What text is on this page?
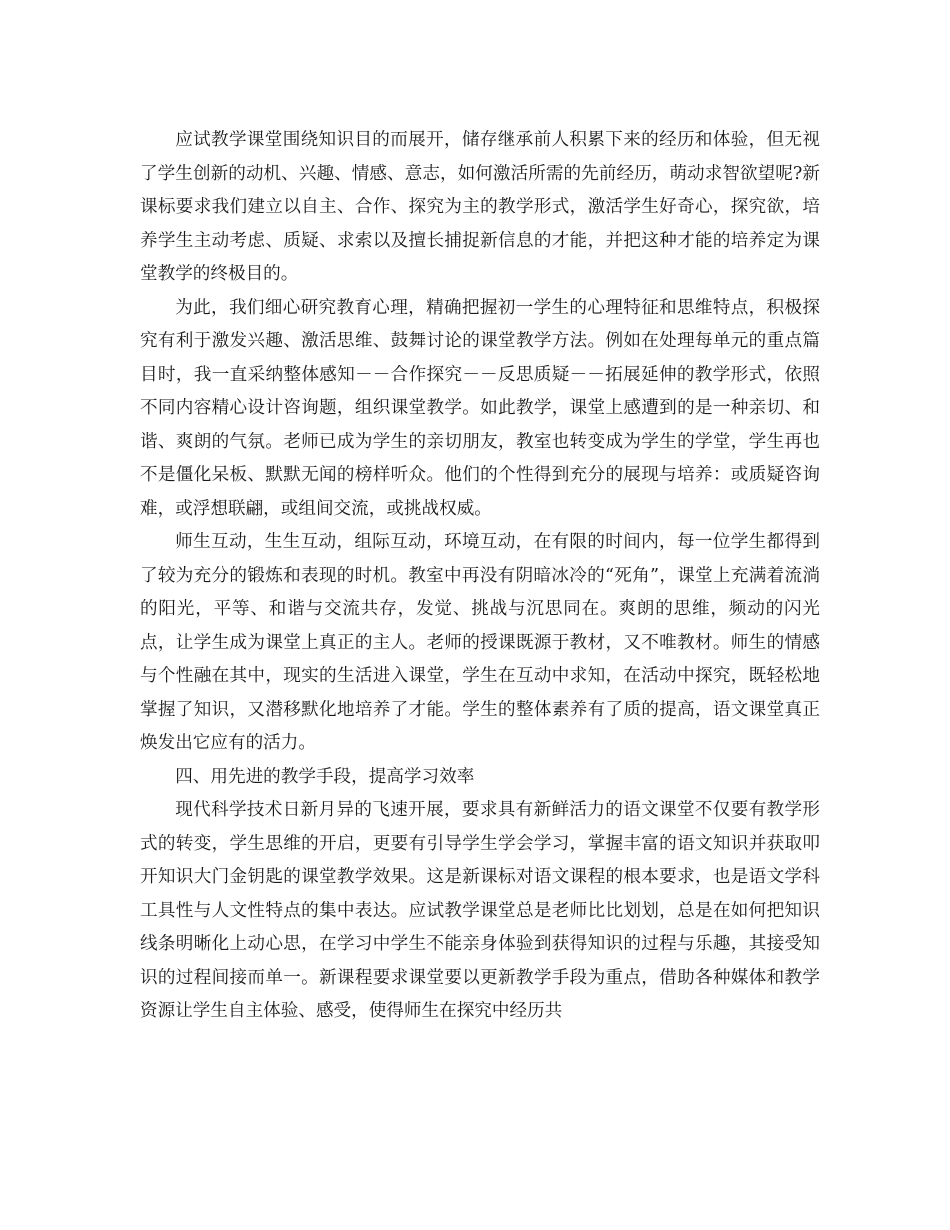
应试教学课堂围绕知识目的而展开，储存继承前人积累下来的经历和体验，但无视了学生创新的动机、兴趣、情感、意志，如何激活所需的先前经历，萌动求智欲望呢?新课标要求我们建立以自主、合作、探究为主的教学形式，激活学生好奇心，探究欲，培养学生主动考虑、质疑、求索以及擅长捕捉新信息的才能，并把这种才能的培养定为课堂教学的终极目的。

为此，我们细心研究教育心理，精确把握初一学生的心理特征和思维特点，积极探究有利于激发兴趣、激活思维、鼓舞讨论的课堂教学方法。例如在处理每单元的重点篇目时，我一直采纳整体感知－－合作探究－－反思质疑－－拓展延伸的教学形式，依照不同内容精心设计咨询题，组织课堂教学。如此教学，课堂上感遭到的是一种亲切、和谐、爽朗的气氛。老师已成为学生的亲切朋友，教室也转变成为学生的学堂，学生再也不是僵化呆板、默默无闻的榜样听众。他们的个性得到充分的展现与培养：或质疑咨询难，或浮想联翩，或组间交流，或挑战权威。

师生互动，生生互动，组际互动，环境互动，在有限的时间内，每一位学生都得到了较为充分的锻炼和表现的时机。教室中再没有阴暗冰冷的“死角”，课堂上充满着流淌的阳光，平等、和谐与交流共存，发觉、挑战与沉思同在。爽朗的思维，频动的闪光点，让学生成为课堂上真正的主人。老师的授课既源于教材，又不唯教材。师生的情感与个性融在其中，现实的生活进入课堂，学生在互动中求知，在活动中探究，既轻松地掌握了知识，又潜移默化地培养了才能。学生的整体素养有了质的提高，语文课堂真正焕发出它应有的活力。

四、用先进的教学手段，提高学习效率

现代科学技术日新月异的飞速开展，要求具有新鲜活力的语文课堂不仅要有教学形式的转变，学生思维的开启，更要有引导学生学会学习，掌握丰富的语文知识并获取叩开知识大门金钥匙的课堂教学效果。这是新课标对语文课程的根本要求，也是语文学科工具性与人文性特点的集中表达。应试教学课堂总是老师比比划划，总是在如何把知识线条明晰化上动心思，在学习中学生不能亲身体验到获得知识的过程与乐趣，其接受知识的过程间接而单一。新课程要求课堂要以更新教学手段为重点，借助各种媒体和教学资源让学生自主体验、感受，使得师生在探究中经历共
